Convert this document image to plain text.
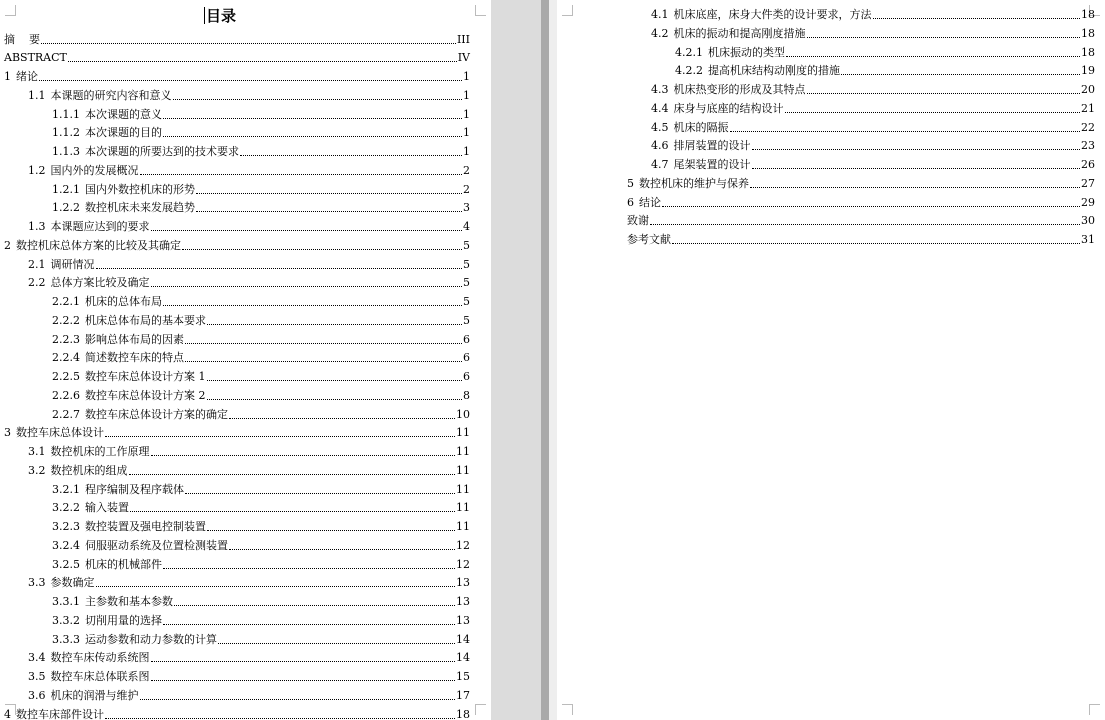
目录
摘 要	III
ABSTRACT	IV
1 绪论	1
1.1 本课题的研究内容和意义	1
1.1.1 本次课题的意义	1
1.1.2 本次课题的目的	1
1.1.3 本次课题的所要达到的技术要求	1
1.2 国内外的发展概况	2
1.2.1 国内外数控机床的形势	2
1.2.2 数控机床未来发展趋势	3
1.3 本课题应达到的要求	4
2 数控机床总体方案的比较及其确定	5
2.1 调研情况	5
2.2 总体方案比较及确定	5
2.2.1 机床的总体布局	5
2.2.2 机床总体布局的基本要求	5
2.2.3 影响总体布局的因素	6
2.2.4 简述数控车床的特点	6
2.2.5 数控车床总体设计方案 1	6
2.2.6 数控车床总体设计方案 2	8
2.2.7 数控车床总体设计方案的确定	10
3 数控车床总体设计	11
3.1 数控机床的工作原理	11
3.2 数控机床的组成	11
3.2.1 程序编制及程序载体	11
3.2.2 输入装置	11
3.2.3 数控装置及强电控制装置	11
3.2.4 伺服驱动系统及位置检测装置	12
3.2.5 机床的机械部件	12
3.3 参数确定	13
3.3.1 主参数和基本参数	13
3.3.2 切削用量的选择	13
3.3.3 运动参数和动力参数的计算	14
3.4 数控车床传动系统图	14
3.5 数控车床总体联系图	15
3.6 机床的润滑与维护	17
4 数控车床部件设计	18
4.1 机床底座，床身大件类的设计要求，方法	18
4.2 机床的振动和提高刚度措施	18
4.2.1 机床振动的类型	18
4.2.2 提高机床结构动刚度的措施	19
4.3 机床热变形的形成及其特点	20
4.4 床身与底座的结构设计	21
4.5 机床的隔振	22
4.6 排屑装置的设计	23
4.7 尾架装置的设计	26
5 数控机床的维护与保养	27
6 结论	29
致谢	30
参考文献	31
